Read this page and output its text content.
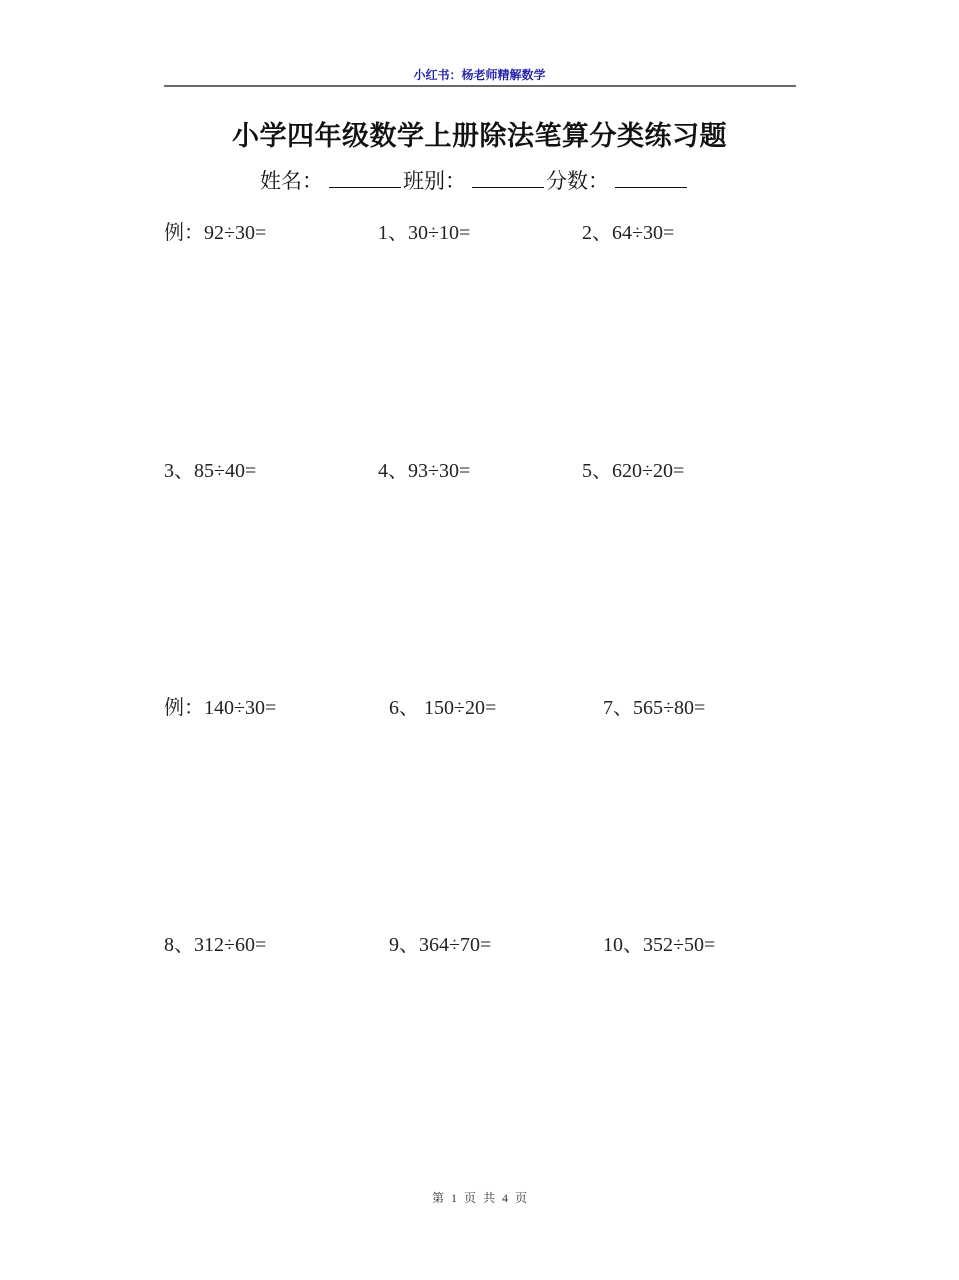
小红书：杨老师精解数学
小学四年级数学上册除法笔算分类练习题
姓名：	班别：	分数：
例：92÷30=	1、30÷10=	2、64÷30=
3、85÷40=	4、93÷30=	5、620÷20=
例：140÷30=	6、 150÷20=	7、565÷80=
8、312÷60=	9、364÷70=	10、352÷50=
第 1 页 共 4 页
